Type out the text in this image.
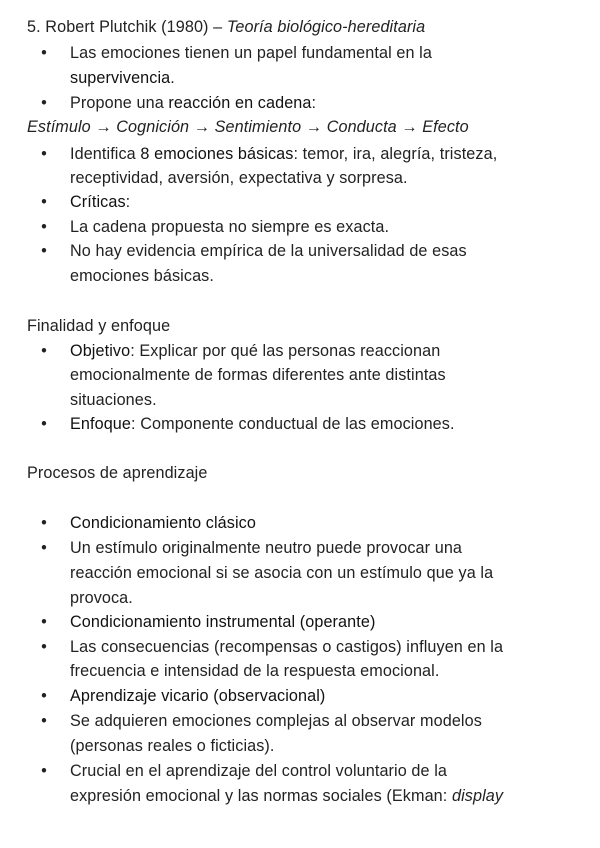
5. Robert Plutchik (1980) – Teoría biológico-hereditaria
• Las emociones tienen un papel fundamental en la
supervivencia.
• Propone una reacción en cadena:
Estímulo → Cognición → Sentimiento → Conducta → Efecto
• Identifica 8 emociones básicas: temor, ira, alegría, tristeza,
receptividad, aversión, expectativa y sorpresa.
• Críticas:
• La cadena propuesta no siempre es exacta.
• No hay evidencia empírica de la universalidad de esas
emociones básicas.
Finalidad y enfoque
• Objetivo: Explicar por qué las personas reaccionan
emocionalmente de formas diferentes ante distintas
situaciones.
• Enfoque: Componente conductual de las emociones.
Procesos de aprendizaje
• Condicionamiento clásico
• Un estímulo originalmente neutro puede provocar una
reacción emocional si se asocia con un estímulo que ya la
provoca.
• Condicionamiento instrumental (operante)
• Las consecuencias (recompensas o castigos) influyen en la
frecuencia e intensidad de la respuesta emocional.
• Aprendizaje vicario (observacional)
• Se adquieren emociones complejas al observar modelos
(personas reales o ficticias).
• Crucial en el aprendizaje del control voluntario de la
expresión emocional y las normas sociales (Ekman: display
